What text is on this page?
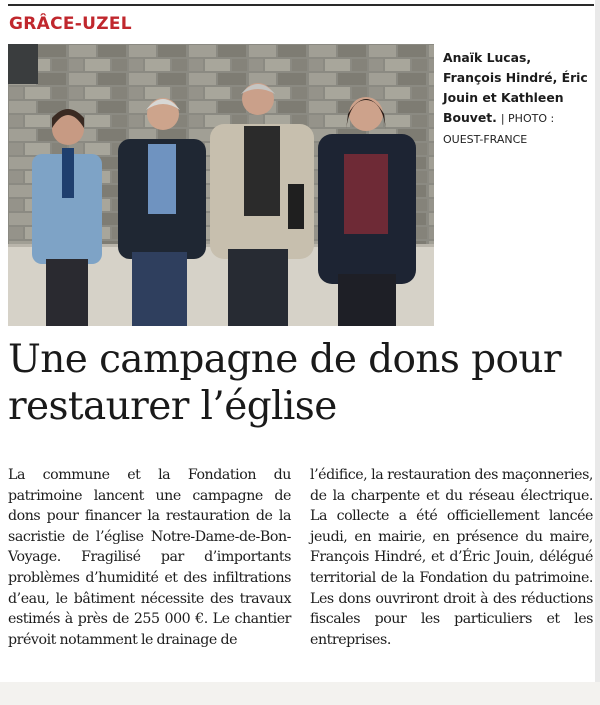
GRÂCE-UZEL
Anaïk Lucas, François Hindré, Éric Jouin et Kathleen Bouvet. | PHOTO : OUEST-FRANCE
Une campagne de dons pour restaurer l’église
La commune et la Fondation du patrimoine lancent une campagne de dons pour financer la restauration de la sacristie de l’église Notre-Dame-de-Bon-Voyage. Fragilisé par d’importants problèmes d’humidité et des infiltrations d’eau, le bâtiment nécessite des travaux estimés à près de 255 000 €. Le chantier prévoit notamment le drainage de
l’édifice, la restauration des maçonneries, de la charpente et du réseau électrique. La collecte a été officiellement lancée jeudi, en mairie, en présence du maire, François Hindré, et d’Éric Jouin, délégué territorial de la Fondation du patrimoine. Les dons ouvriront droit à des réductions fiscales pour les particuliers et les entreprises.
